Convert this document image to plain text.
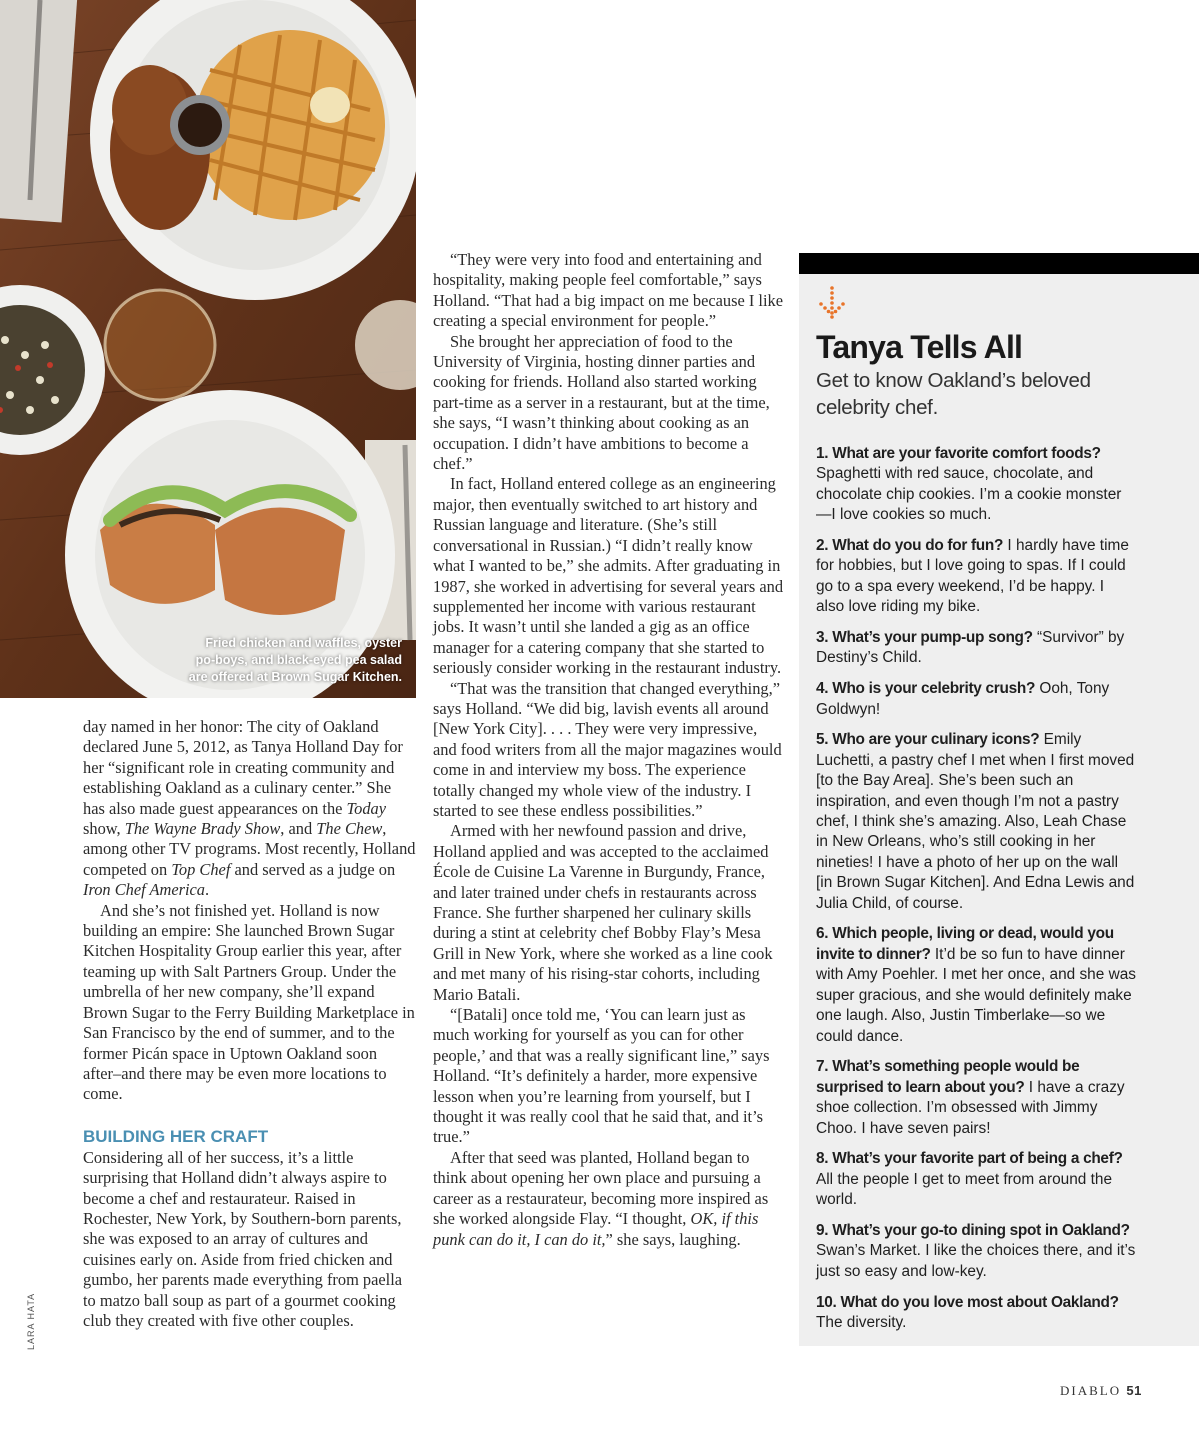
Fried chicken and waffles, oyster
po-boys, and black-eyed pea salad
are offered at Brown Sugar Kitchen.
LARA HATA

day named in her honor: The city of Oakland declared June 5, 2012, as Tanya Holland Day for her “significant role in creating community and establishing Oakland as a culinary center.” She has also made guest appearances on the Today show, The Wayne Brady Show, and The Chew, among other TV programs. Most recently, Holland competed on Top Chef and served as a judge on Iron Chef America.

And she’s not finished yet. Holland is now building an empire: She launched Brown Sugar Kitchen Hospitality Group earlier this year, after teaming up with Salt Partners Group. Under the umbrella of her new company, she’ll expand Brown Sugar to the Ferry Building Marketplace in San Francisco by the end of summer, and to the former Picán space in Uptown Oakland soon after–and there may be even more locations to come.

BUILDING HER CRAFT

Considering all of her success, it’s a little surprising that Holland didn’t always aspire to become a chef and restaurateur. Raised in Rochester, New York, by Southern-born parents, she was exposed to an array of cultures and cuisines early on. Aside from fried chicken and gumbo, her parents made everything from paella to matzo ball soup as part of a gourmet cooking club they created with five other couples.

“They were very into food and entertaining and hospitality, making people feel comfortable,” says Holland. “That had a big impact on me because I like creating a special environment for people.”

She brought her appreciation of food to the University of Virginia, hosting dinner parties and cooking for friends. Holland also started working part-time as a server in a restaurant, but at the time, she says, “I wasn’t thinking about cooking as an occupation. I didn’t have ambitions to become a chef.”

In fact, Holland entered college as an engineering major, then eventually switched to art history and Russian language and literature. (She’s still conversational in Russian.) “I didn’t really know what I wanted to be,” she admits. After graduating in 1987, she worked in advertising for several years and supplemented her income with various restaurant jobs. It wasn’t until she landed a gig as an office manager for a catering company that she started to seriously consider working in the restaurant industry.

“That was the transition that changed everything,” says Holland. “We did big, lavish events all around [New York City]. . . . They were very impressive, and food writers from all the major magazines would come in and interview my boss. The experience totally changed my whole view of the industry. I started to see these endless possibilities.”

Armed with her newfound passion and drive, Holland applied and was accepted to the acclaimed École de Cuisine La Varenne in Burgundy, France, and later trained under chefs in restaurants across France. She further sharpened her culinary skills during a stint at celebrity chef Bobby Flay’s Mesa Grill in New York, where she worked as a line cook and met many of his rising-star cohorts, including Mario Batali.

“[Batali] once told me, ‘You can learn just as much working for yourself as you can for other people,’ and that was a really significant line,” says Holland. “It’s definitely a harder, more expensive lesson when you’re learning from yourself, but I thought it was really cool that he said that, and it’s true.”

After that seed was planted, Holland began to think about opening her own place and pursuing a career as a restaurateur, becoming more inspired as she worked alongside Flay. “I thought, OK, if this punk can do it, I can do it,” she says, laughing.

Tanya Tells All
Get to know Oakland’s beloved celebrity chef.

1. What are your favorite comfort foods? Spaghetti with red sauce, chocolate, and chocolate chip cookies. I’m a cookie monster—I love cookies so much.

2. What do you do for fun? I hardly have time for hobbies, but I love going to spas. If I could go to a spa every weekend, I’d be happy. I also love riding my bike.

3. What’s your pump-up song? “Survivor” by Destiny’s Child.

4. Who is your celebrity crush? Ooh, Tony Goldwyn!

5. Who are your culinary icons? Emily Luchetti, a pastry chef I met when I first moved [to the Bay Area]. She’s been such an inspiration, and even though I’m not a pastry chef, I think she’s amazing. Also, Leah Chase in New Orleans, who’s still cooking in her nineties! I have a photo of her up on the wall [in Brown Sugar Kitchen]. And Edna Lewis and Julia Child, of course.

6. Which people, living or dead, would you invite to dinner? It’d be so fun to have dinner with Amy Poehler. I met her once, and she was super gracious, and she would definitely make one laugh. Also, Justin Timberlake—so we could dance.

7. What’s something people would be surprised to learn about you? I have a crazy shoe collection. I’m obsessed with Jimmy Choo. I have seven pairs!

8. What’s your favorite part of being a chef? All the people I get to meet from around the world.

9. What’s your go-to dining spot in Oakland? Swan’s Market. I like the choices there, and it’s just so easy and low-key.

10. What do you love most about Oakland? The diversity.

DIABLO 51
